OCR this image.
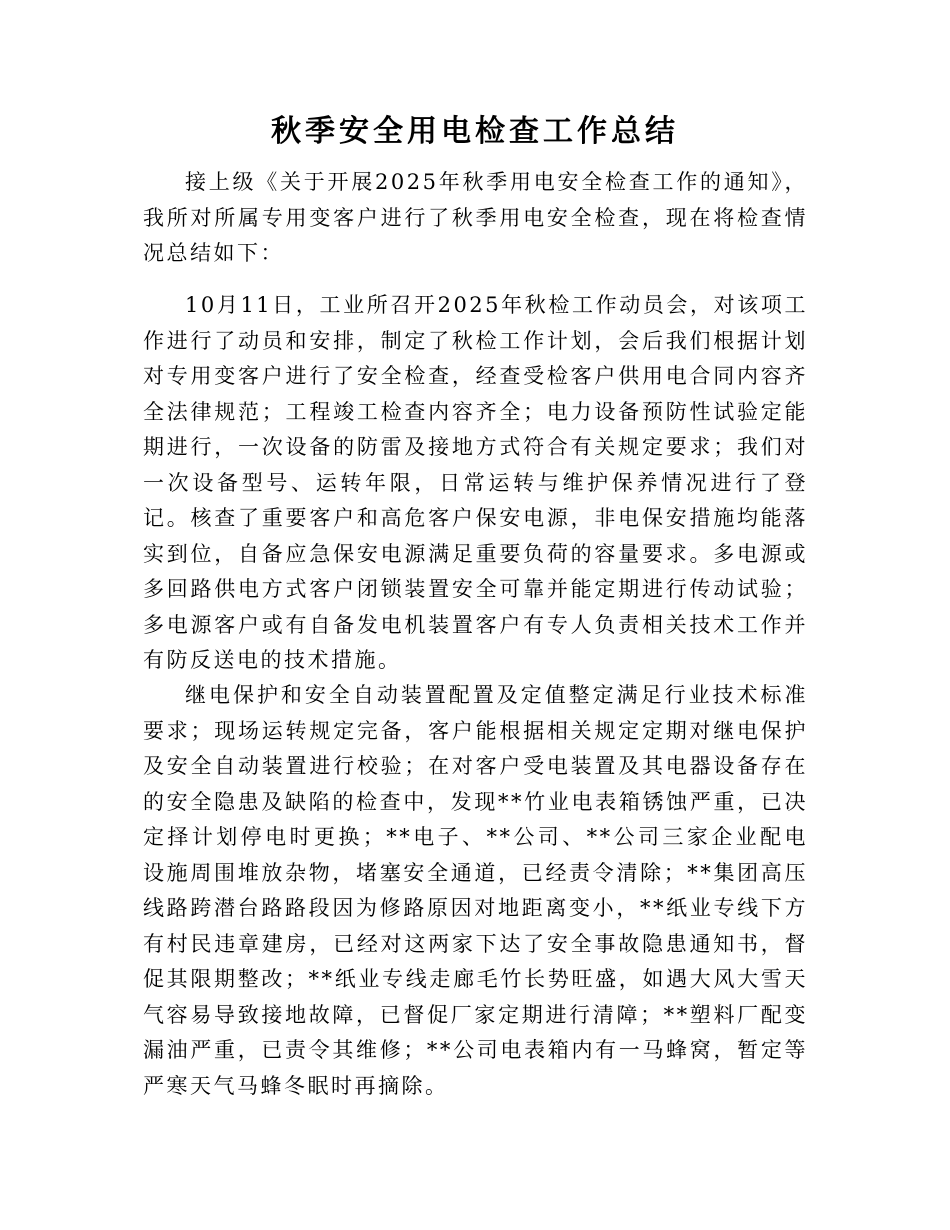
秋季安全用电检查工作总结

接上级《关于开展2025年秋季用电安全检查工作的通知》，我所对所属专用变客户进行了秋季用电安全检查，现在将检查情况总结如下：

10月11日，工业所召开2025年秋检工作动员会，对该项工作进行了动员和安排，制定了秋检工作计划，会后我们根据计划对专用变客户进行了安全检查，经查受检客户供用电合同内容齐全法律规范；工程竣工检查内容齐全；电力设备预防性试验定能期进行，一次设备的防雷及接地方式符合有关规定要求；我们对一次设备型号、运转年限，日常运转与维护保养情况进行了登记。核查了重要客户和高危客户保安电源，非电保安措施均能落实到位，自备应急保安电源满足重要负荷的容量要求。多电源或多回路供电方式客户闭锁装置安全可靠并能定期进行传动试验；多电源客户或有自备发电机装置客户有专人负责相关技术工作并有防反送电的技术措施。

继电保护和安全自动装置配置及定值整定满足行业技术标准要求；现场运转规定完备，客户能根据相关规定定期对继电保护及安全自动装置进行校验；在对客户受电装置及其电器设备存在的安全隐患及缺陷的检查中，发现**竹业电表箱锈蚀严重，已决定择计划停电时更换；**电子、**公司、**公司三家企业配电设施周围堆放杂物，堵塞安全通道，已经责令清除；**集团高压线路跨潜台路路段因为修路原因对地距离变小，**纸业专线下方有村民违章建房，已经对这两家下达了安全事故隐患通知书，督促其限期整改；**纸业专线走廊毛竹长势旺盛，如遇大风大雪天气容易导致接地故障，已督促厂家定期进行清障；**塑料厂配变漏油严重，已责令其维修；**公司电表箱内有一马蜂窝，暂定等严寒天气马蜂冬眠时再摘除。
